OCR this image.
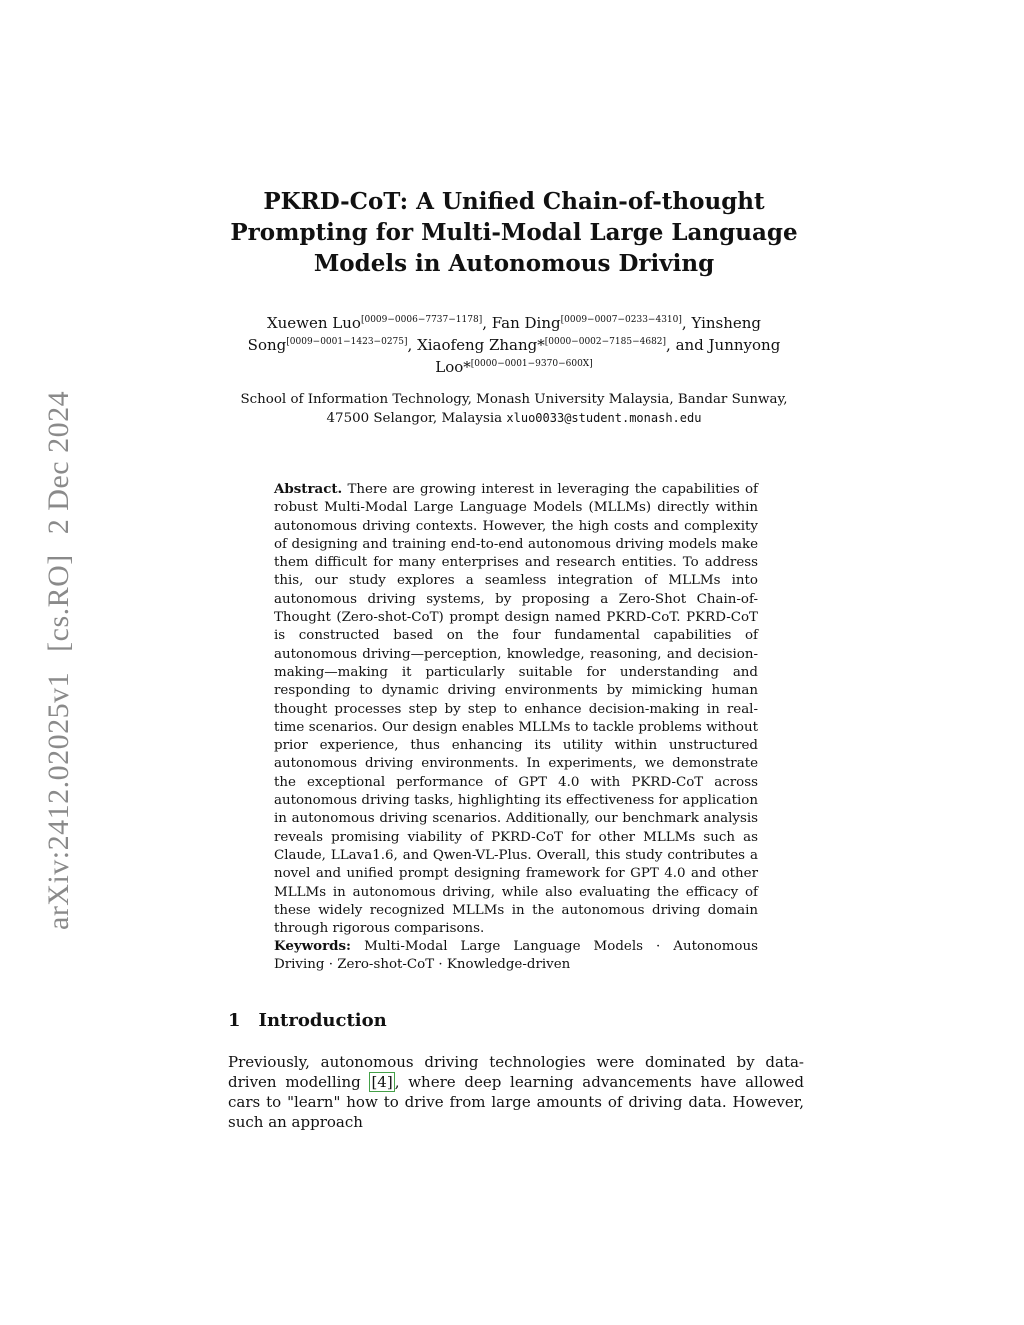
arXiv:2412.02025v1[cs.RO]2 Dec 2024
PKRD-CoT: A Unified Chain-of-thought
Prompting for Multi-Modal Large Language
Models in Autonomous Driving
Xuewen Luo[0009−0006−7737−1178], Fan Ding[0009−0007−0233−4310], Yinsheng Song[0009−0001−1423−0275], Xiaofeng Zhang*[0000−0002−7185−4682], and Junnyong Loo*[0000−0001−9370−600X]
School of Information Technology, Monash University Malaysia, Bandar Sunway,
47500 Selangor, Malaysia xluo0033@student.monash.edu
Abstract. There are growing interest in leveraging the capabilities of robust Multi-Modal Large Language Models (MLLMs) directly within autonomous driving contexts. However, the high costs and complexity of designing and training end-to-end autonomous driving models make them difficult for many enterprises and research entities. To address this, our study explores a seamless integration of MLLMs into autonomous driving systems, by proposing a Zero-Shot Chain-of-Thought (Zero-shot-CoT) prompt design named PKRD-CoT. PKRD-CoT is constructed based on the four fundamental capabilities of autonomous driving—perception, knowledge, reasoning, and decision-making—making it particularly suitable for understanding and responding to dynamic driving environments by mimicking human thought processes step by step to enhance decision-making in real-time scenarios. Our design enables MLLMs to tackle problems without prior experience, thus enhancing its utility within unstructured autonomous driving environments. In experiments, we demonstrate the exceptional performance of GPT 4.0 with PKRD-CoT across autonomous driving tasks, highlighting its effectiveness for application in autonomous driving scenarios. Additionally, our benchmark analysis reveals promising viability of PKRD-CoT for other MLLMs such as Claude, LLava1.6, and Qwen-VL-Plus. Overall, this study contributes a novel and unified prompt designing framework for GPT 4.0 and other MLLMs in autonomous driving, while also evaluating the efficacy of these widely recognized MLLMs in the autonomous driving domain through rigorous comparisons.
Keywords: Multi-Modal Large Language Models · Autonomous Driving · Zero-shot-CoT · Knowledge-driven
1 Introduction
Previously, autonomous driving technologies were dominated by data-driven modelling [4] , where deep learning advancements have allowed cars to "learn" how to drive from large amounts of driving data. However, such an approach
